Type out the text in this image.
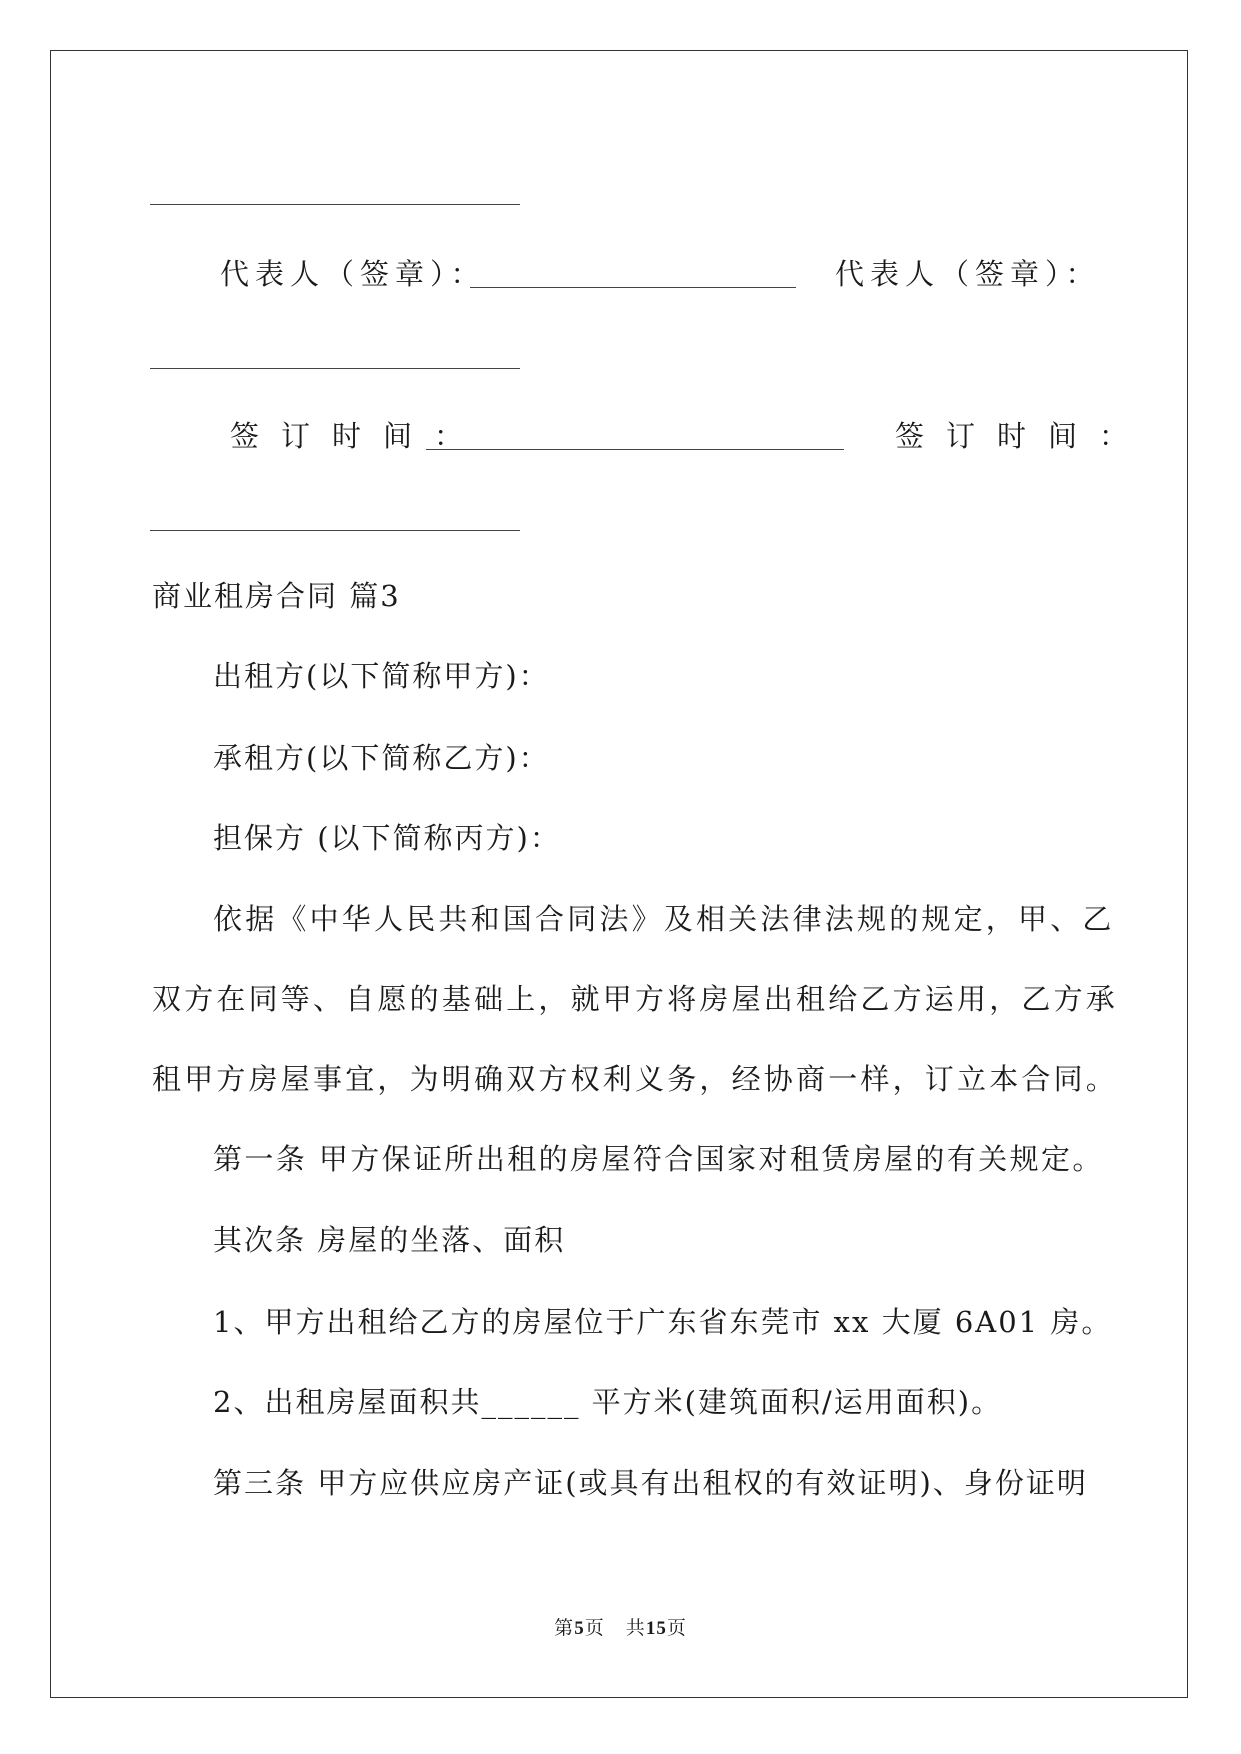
代表人（签章）：	代表人（签章）：
签订时间：	签订时间：
商业租房合同 篇3
出租方(以下简称甲方)：
承租方(以下简称乙方)：
担保方 (以下简称丙方)：
依据《中华人民共和国合同法》及相关法律法规的规定，甲、乙
双方在同等、自愿的基础上，就甲方将房屋出租给乙方运用，乙方承
租甲方房屋事宜，为明确双方权利义务，经协商一样，订立本合同。
第一条 甲方保证所出租的房屋符合国家对租赁房屋的有关规定。
其次条 房屋的坐落、面积
1、甲方出租给乙方的房屋位于广东省东莞市 xx 大厦 6A01 房。
2、出租房屋面积共______ 平方米(建筑面积/运用面积)。
第三条 甲方应供应房产证(或具有出租权的有效证明)、身份证明
第5页   共15页
